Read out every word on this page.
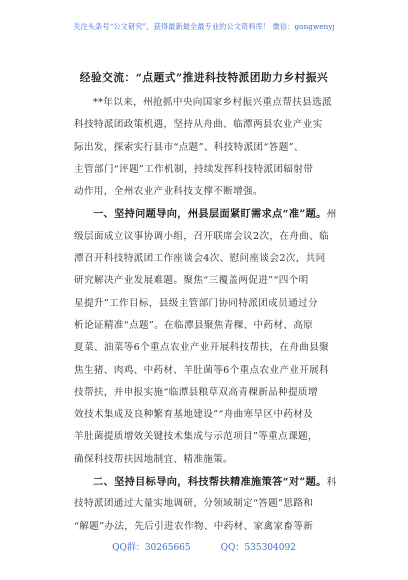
关注头条号“公文研究”，获得最新最全最专业的公文资料库！ 微信：gongwenyj
经验交流：“点题式”推进科技特派团助力乡村振兴
**年以来，州抢抓中央向国家乡村振兴重点帮扶县选派
科技特派团政策机遇，坚持从舟曲、临潭两县农业产业实
际出发，探索实行县市“点题”、科技特派团“答题”、
主管部门“评题”工作机制，持续发挥科技特派团辐射带
动作用，全州农业产业科技支撑不断增强。
一、坚持问题导向，州县层面紧盯需求点“准”题。州
级层面成立议事协调小组，召开联席会议2次，在舟曲、临
潭召开科技特派团工作座谈会4次、慰问座谈会2次，共同
研究解决产业发展难题。聚焦“三覆盖两促进”“四个明
星提升”工作目标，县级主管部门协同特派团成员通过分
析论证精准“点题”。在临潭县聚焦青稞、中药材、高原
夏菜、油菜等6个重点农业产业开展科技帮扶，在舟曲县聚
焦生猪、肉鸡、中药材、羊肚菌等6个重点农业产业开展科
技帮扶，并申报实施“临潭县粮草双高青稞新品种提质增
效技术集成及良种繁育基地建设”“舟曲寒旱区中药材及
羊肚菌提质增效关键技术集成与示范项目”等重点课题，
确保科技帮扶因地制宜、精准施策。
二、坚持目标导向，科技帮扶精准施策答“对”题。科
技特派团通过大量实地调研，分领域制定“答题”思路和
“解题”办法，先后引进农作物、中药材、家禽家畜等新
QQ群：30265665	QQ：535304092
